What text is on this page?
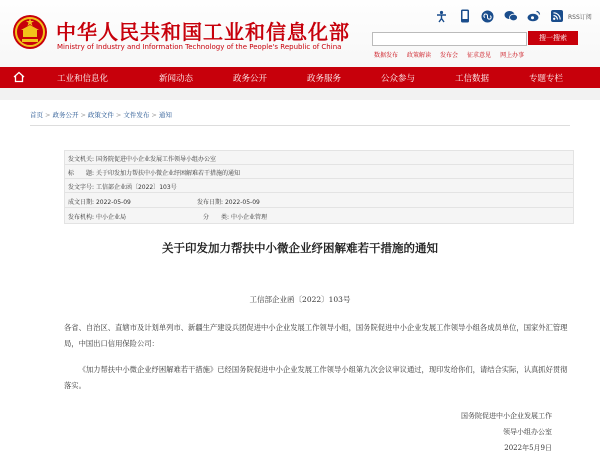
中华人民共和国工业和信息化部
Ministry of Industry and Information Technology of the People's Republic of China
RSS订阅
搜一搜索
数据发布 政策解读 发布会 征求意见 网上办事
工业和信息化	新闻动态	政务公开	政务服务	公众参与	工信数据	专题专栏
首页 > 政务公开 > 政策文件 > 文件发布 > 通知
发文机关: 国务院促进中小企业发展工作领导小组办公室
标　　题: 关于印发加力帮扶中小微企业纾困解难若干措施的通知
发文字号: 工信部企业函〔2022〕103号
成文日期: 2022-05-09	发布日期: 2022-05-09
发布机构: 中小企业局	分　　类: 中小企业管理
关于印发加力帮扶中小微企业纾困解难若干措施的通知
工信部企业函〔2022〕103号
各省、自治区、直辖市及计划单列市、新疆生产建设兵团促进中小企业发展工作领导小组，国务院促进中小企业发展工作领导小组各成员单位，国家外汇管理局，中国出口信用保险公司：
《加力帮扶中小微企业纾困解难若干措施》已经国务院促进中小企业发展工作领导小组第九次会议审议通过，现印发给你们，请结合实际，认真抓好贯彻落实。
国务院促进中小企业发展工作
领导小组办公室
2022年5月9日
